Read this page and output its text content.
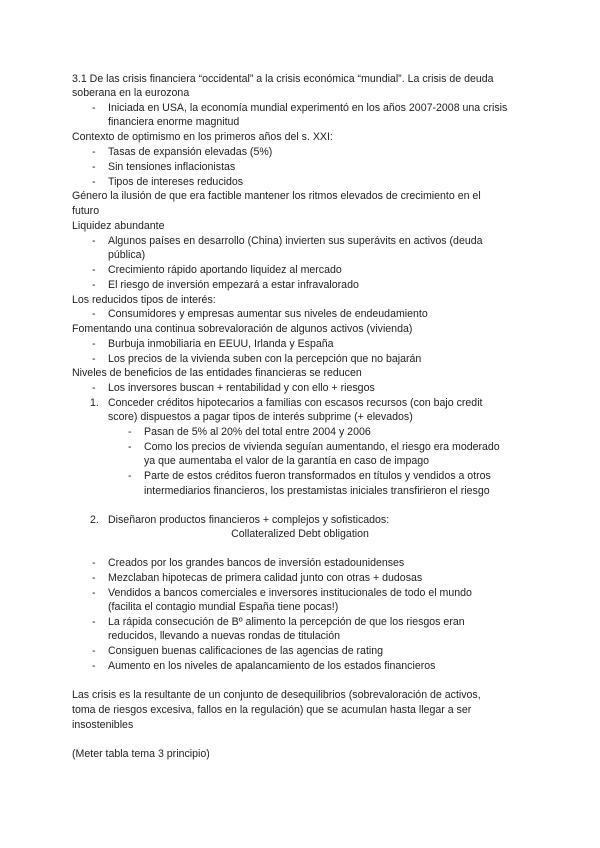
3.1 De las crisis financiera “occidental” a la crisis económica “mundial”. La crisis de deuda
soberana en la eurozona
- Iniciada en USA, la economía mundial experimentó en los años 2007-2008 una crisis
financiera enorme magnitud
Contexto de optimismo en los primeros años del s. XXI:
- Tasas de expansión elevadas (5%)
- Sin tensiones inflacionistas
- Tipos de intereses reducidos
Género la ilusión de que era factible mantener los ritmos elevados de crecimiento en el
futuro
Liquidez abundante
- Algunos países en desarrollo (China) invierten sus superávits en activos (deuda
pública)
- Crecimiento rápido aportando liquidez al mercado
- El riesgo de inversión empezará a estar infravalorado
Los reducidos tipos de interés:
- Consumidores y empresas aumentar sus niveles de endeudamiento
Fomentando una continua sobrevaloración de algunos activos (vivienda)
- Burbuja inmobiliaria en EEUU, Irlanda y España
- Los precios de la vivienda suben con la percepción que no bajarán
Niveles de beneficios de las entidades financieras se reducen
- Los inversores buscan + rentabilidad y con ello + riesgos
1. Conceder créditos hipotecarios a familias con escasos recursos (con bajo credit
score) dispuestos a pagar tipos de interés subprime (+ elevados)
- Pasan de 5% al 20% del total entre 2004 y 2006
- Como los precios de vivienda seguían aumentando, el riesgo era moderado
ya que aumentaba el valor de la garantía en caso de impago
- Parte de estos créditos fueron transformados en títulos y vendidos a otros
intermediarios financieros, los prestamistas iniciales transfirieron el riesgo
2. Diseñaron productos financieros + complejos y sofisticados:
Collateralized Debt obligation
- Creados por los grandes bancos de inversión estadounidenses
- Mezclaban hipotecas de primera calidad junto con otras + dudosas
- Vendidos a bancos comerciales e inversores institucionales de todo el mundo
(facilita el contagio mundial España tiene pocas!)
- La rápida consecución de Bº alimento la percepción de que los riesgos eran
reducidos, llevando a nuevas rondas de titulación
- Consiguen buenas calificaciones de las agencias de rating
- Aumento en los niveles de apalancamiento de los estados financieros
Las crisis es la resultante de un conjunto de desequilibrios (sobrevaloración de activos,
toma de riesgos excesiva, fallos en la regulación) que se acumulan hasta llegar a ser
insostenibles
(Meter tabla tema 3 principio)
